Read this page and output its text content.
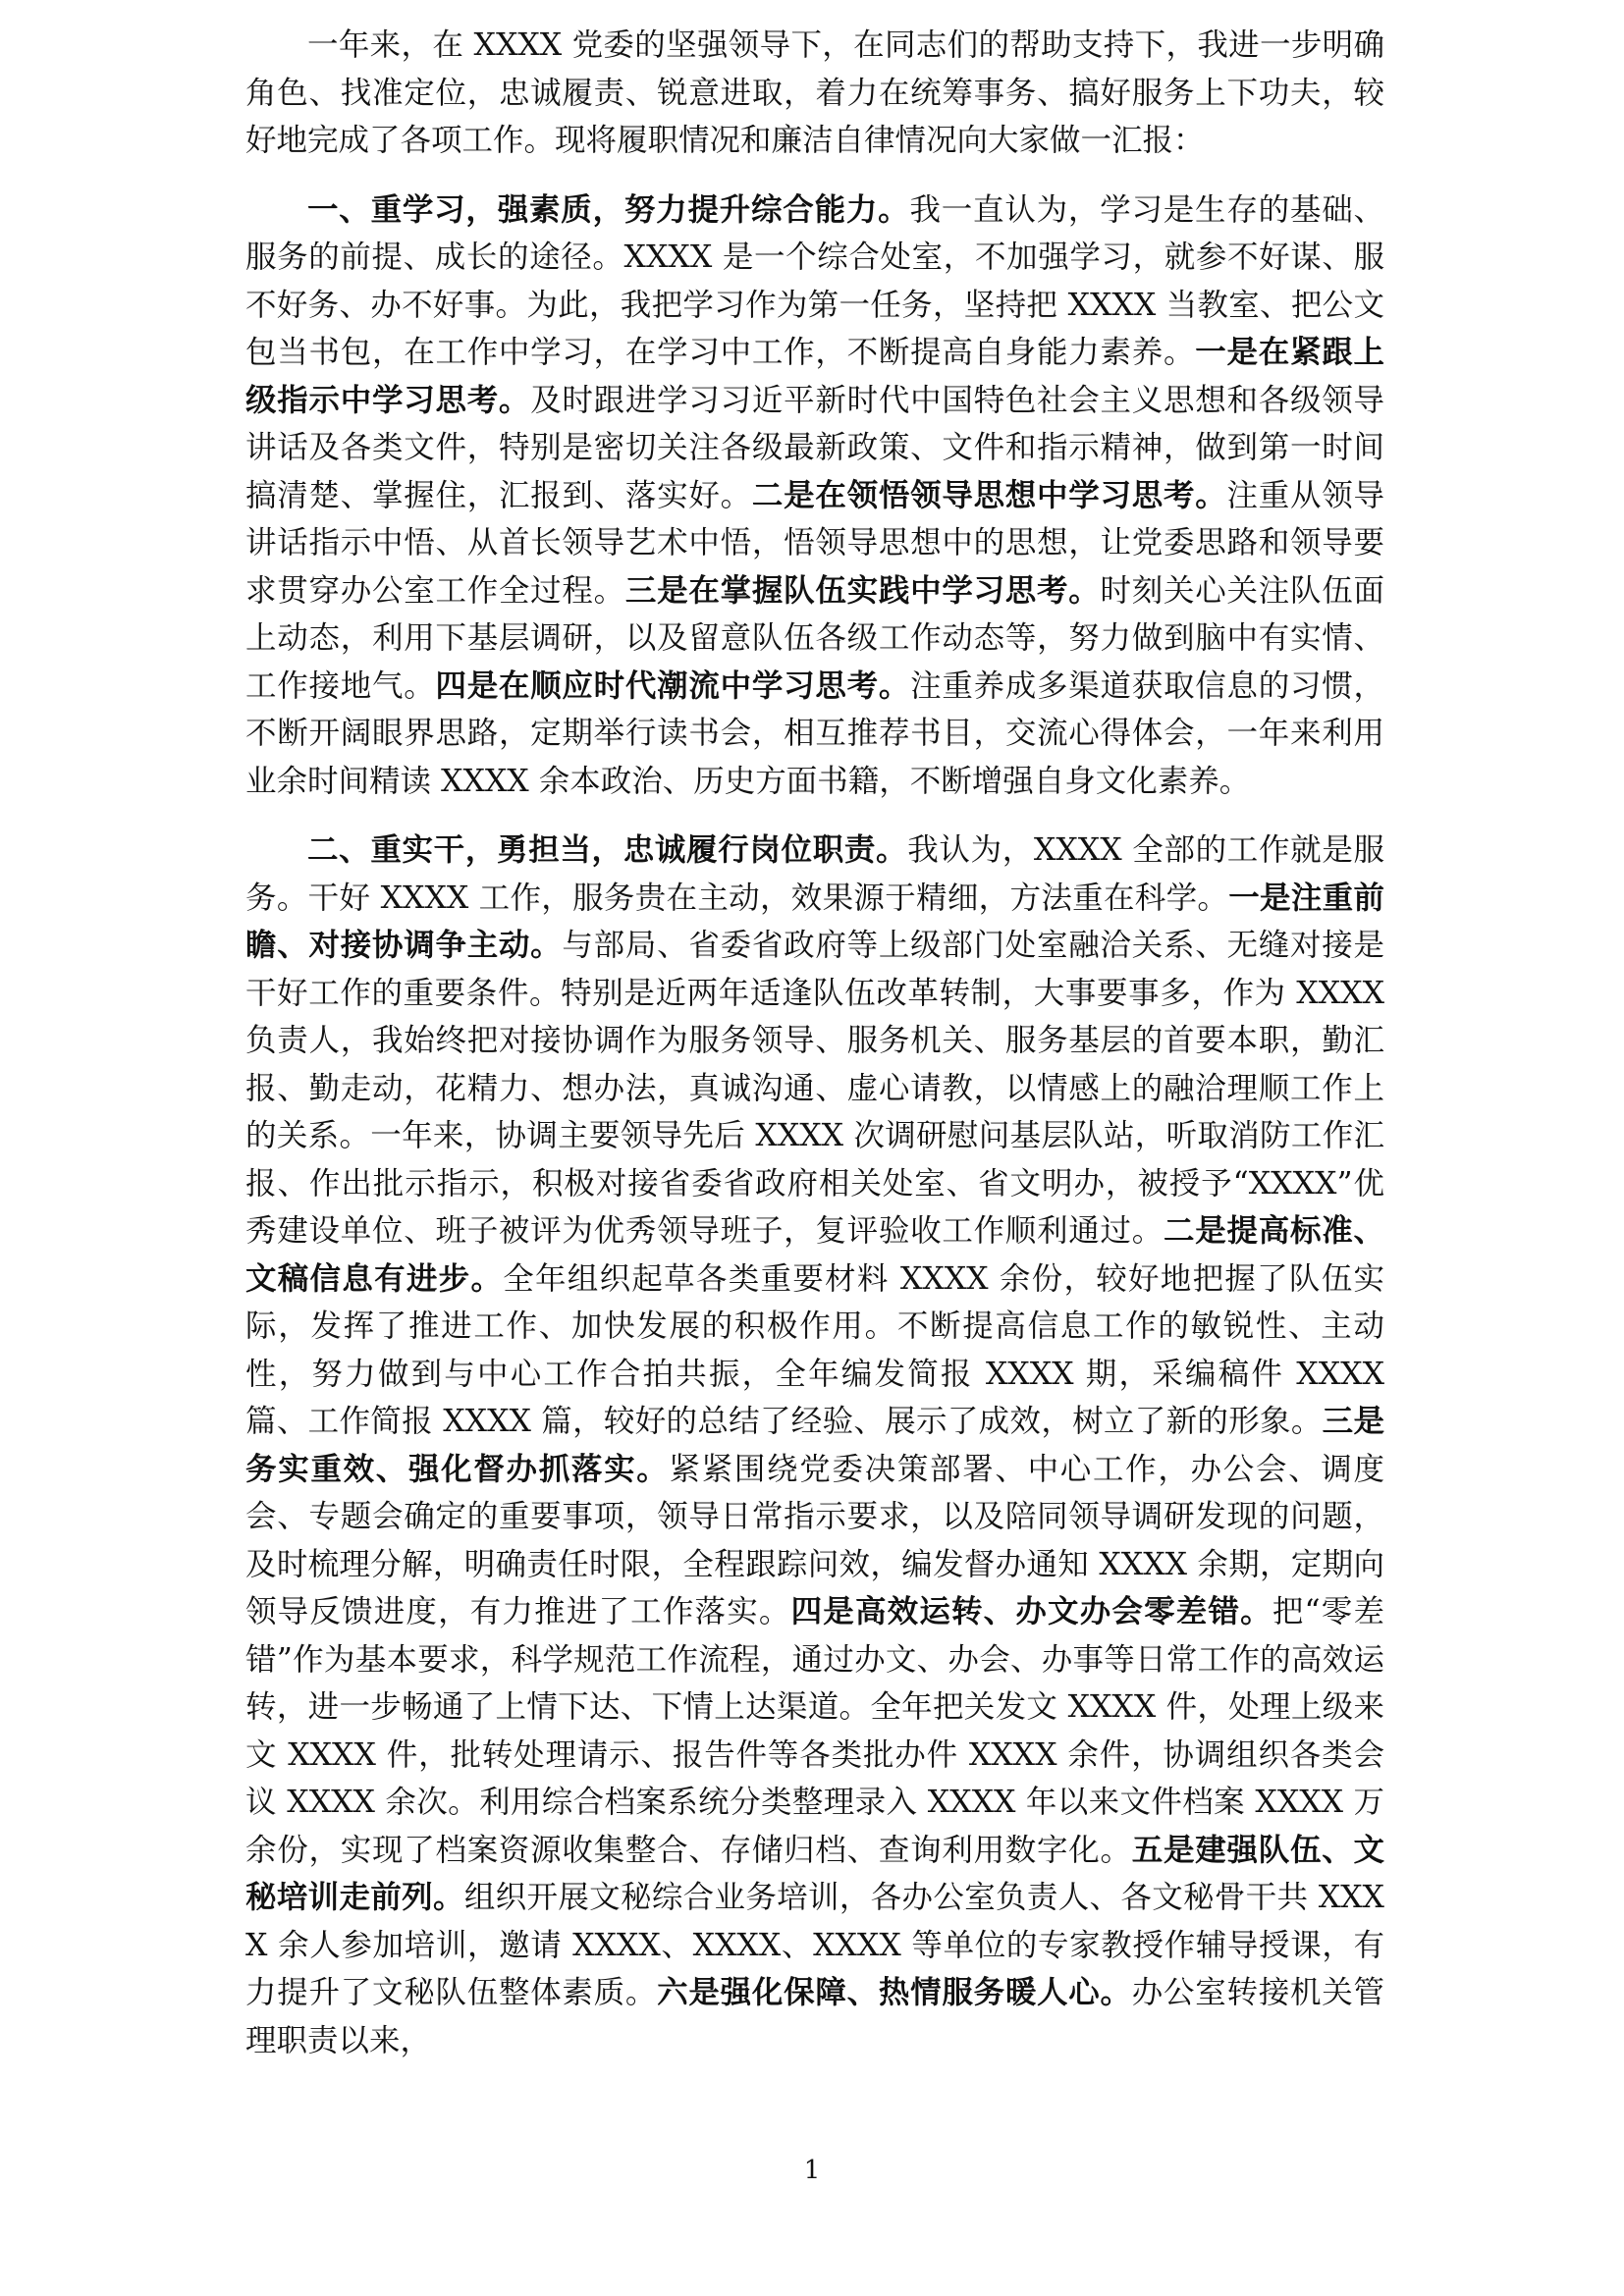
一年来，在 XXXX 党委的坚强领导下，在同志们的帮助支持下，我进一步明确角色、找准定位，忠诚履责、锐意进取，着力在统筹事务、搞好服务上下功夫，较好地完成了各项工作。现将履职情况和廉洁自律情况向大家做一汇报：

一、重学习，强素质，努力提升综合能力。我一直认为，学习是生存的基础、服务的前提、成长的途径。XXXX 是一个综合处室，不加强学习，就参不好谋、服不好务、办不好事。为此，我把学习作为第一任务，坚持把 XXXX 当教室、把公文包当书包，在工作中学习，在学习中工作，不断提高自身能力素养。一是在紧跟上级指示中学习思考。及时跟进学习习近平新时代中国特色社会主义思想和各级领导讲话及各类文件，特别是密切关注各级最新政策、文件和指示精神，做到第一时间搞清楚、掌握住，汇报到、落实好。二是在领悟领导思想中学习思考。注重从领导讲话指示中悟、从首长领导艺术中悟，悟领导思想中的思想，让党委思路和领导要求贯穿办公室工作全过程。三是在掌握队伍实践中学习思考。时刻关心关注队伍面上动态，利用下基层调研，以及留意队伍各级工作动态等，努力做到脑中有实情、工作接地气。四是在顺应时代潮流中学习思考。注重养成多渠道获取信息的习惯，不断开阔眼界思路，定期举行读书会，相互推荐书目，交流心得体会，一年来利用业余时间精读 XXXX 余本政治、历史方面书籍，不断增强自身文化素养。

二、重实干，勇担当，忠诚履行岗位职责。我认为，XXXX 全部的工作就是服务。干好 XXXX 工作，服务贵在主动，效果源于精细，方法重在科学。一是注重前瞻、对接协调争主动。与部局、省委省政府等上级部门处室融洽关系、无缝对接是干好工作的重要条件。特别是近两年适逢队伍改革转制，大事要事多，作为 XXXX 负责人，我始终把对接协调作为服务领导、服务机关、服务基层的首要本职，勤汇报、勤走动，花精力、想办法，真诚沟通、虚心请教，以情感上的融洽理顺工作上的关系。一年来，协调主要领导先后 XXXX 次调研慰问基层队站，听取消防工作汇报、作出批示指示，积极对接省委省政府相关处室、省文明办，被授予“XXXX”优秀建设单位、班子被评为优秀领导班子，复评验收工作顺利通过。二是提高标准、文稿信息有进步。全年组织起草各类重要材料 XXXX 余份，较好地把握了队伍实际，发挥了推进工作、加快发展的积极作用。不断提高信息工作的敏锐性、主动性，努力做到与中心工作合拍共振，全年编发简报 XXXX 期，采编稿件 XXXX 篇、工作简报 XXXX 篇，较好的总结了经验、展示了成效，树立了新的形象。三是务实重效、强化督办抓落实。紧紧围绕党委决策部署、中心工作，办公会、调度会、专题会确定的重要事项，领导日常指示要求，以及陪同领导调研发现的问题，及时梳理分解，明确责任时限，全程跟踪问效，编发督办通知 XXXX 余期，定期向领导反馈进度，有力推进了工作落实。四是高效运转、办文办会零差错。把“零差错”作为基本要求，科学规范工作流程，通过办文、办会、办事等日常工作的高效运转，进一步畅通了上情下达、下情上达渠道。全年把关发文 XXXX 件，处理上级来文 XXXX 件，批转处理请示、报告件等各类批办件 XXXX 余件，协调组织各类会议 XXXX 余次。利用综合档案系统分类整理录入 XXXX 年以来文件档案 XXXX 万余份，实现了档案资源收集整合、存储归档、查询利用数字化。五是建强队伍、文秘培训走前列。组织开展文秘综合业务培训，各办公室负责人、各文秘骨干共 XXXX 余人参加培训，邀请 XXXX、XXXX、XXXX 等单位的专家教授作辅导授课，有力提升了文秘队伍整体素质。六是强化保障、热情服务暖人心。办公室转接机关管理职责以来，

1
